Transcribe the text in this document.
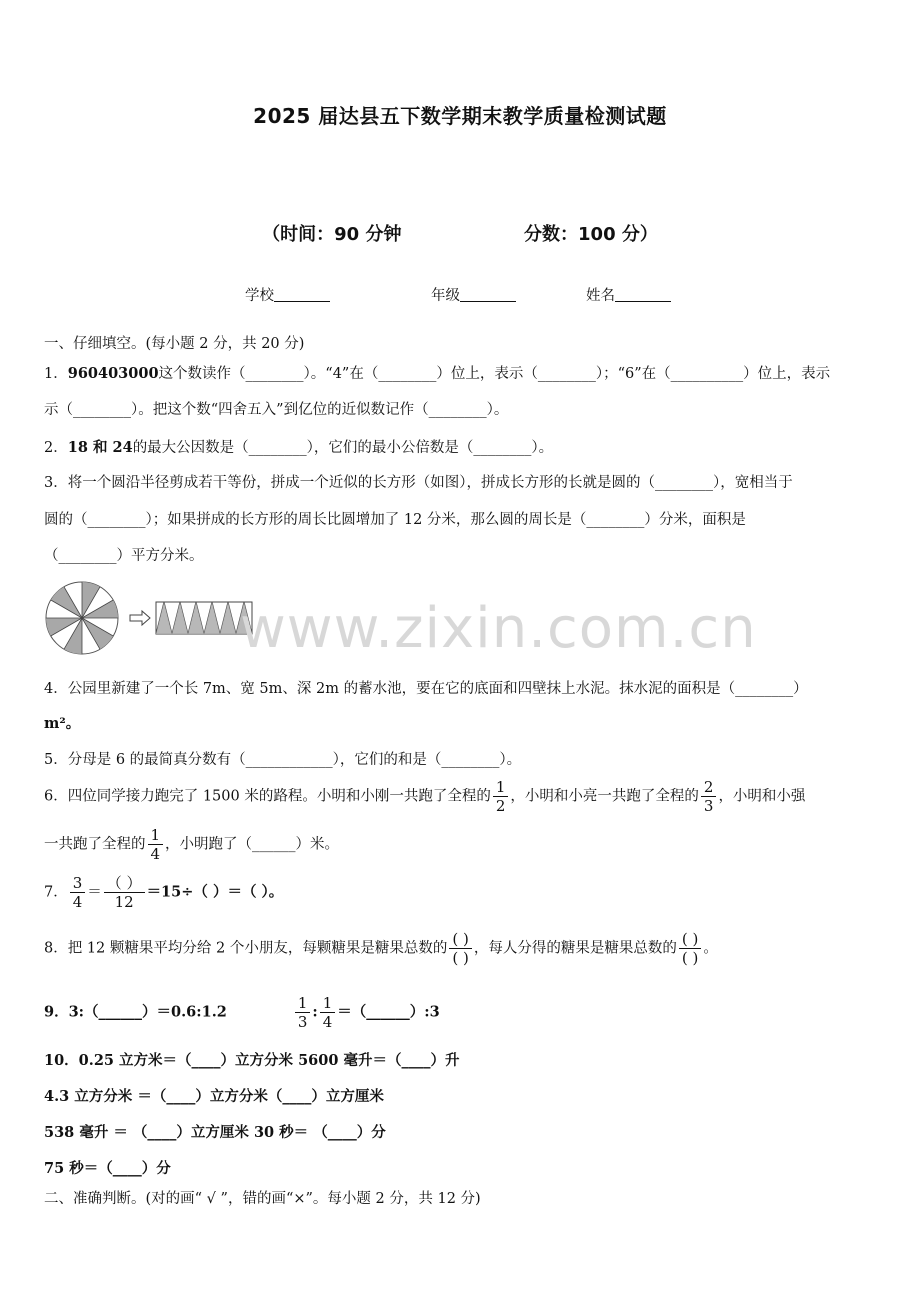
2025 届达县五下数学期末教学质量检测试题
（时间：90 分钟	分数：100 分）
学校	年级	姓名
一、仔细填空。(每小题 2 分，共 20 分)
1．960403000这个数读作（________）。“4”在（________）位上，表示（________）；“6”在（__________）位上，表示
示（________）。把这个数“四舍五入”到亿位的近似数记作（________）。
2．18 和 24的最大公因数是（________），它们的最小公倍数是（________）。
3．将一个圆沿半径剪成若干等份，拼成一个近似的长方形（如图），拼成长方形的长就是圆的（________），宽相当于
圆的（________）；如果拼成的长方形的周长比圆增加了 12 分米，那么圆的周长是（________）分米，面积是
（________）平方分米。
www.zixin.com.cn
4．公园里新建了一个长 7m、宽 5m、深 2m 的蓄水池，要在它的底面和四壁抹上水泥。抹水泥的面积是（________）
m²。
5．分母是 6 的最简真分数有（____________），它们的和是（________）。
6．四位同学接力跑完了 1500 米的路程。小明和小刚一共跑了全程的 $\frac{1}{2}$ ，小明和小亮一共跑了全程的 $\frac{2}{3}$ ，小明和小强
一共跑了全程的 $\frac{1}{4}$ ，小明跑了（______）米。
7． $\frac{3}{4} = \frac{( )}{12} =15\div$（ ）＝（ ）。
8．把 12 颗糖果平均分给 2 个小朋友，每颗糖果是糖果总数的 $\frac{( )}{( )}$ ，每人分得的糖果是糖果总数的 $\frac{( )}{( )}$ 。
9．3:（______）＝0.6:1.2	$\frac{1}{3}$ : $\frac{1}{4}$ ＝（______）:3
10．0.25 立方米＝（____）立方分米 5600 毫升＝（____）升
4.3 立方分米 ＝（____）立方分米（____）立方厘米
538 毫升 ＝ （____）立方厘米 30 秒＝ （____）分
75 秒＝（____）分
二、准确判断。(对的画“ √ ”，错的画“×”。每小题 2 分，共 12 分)
